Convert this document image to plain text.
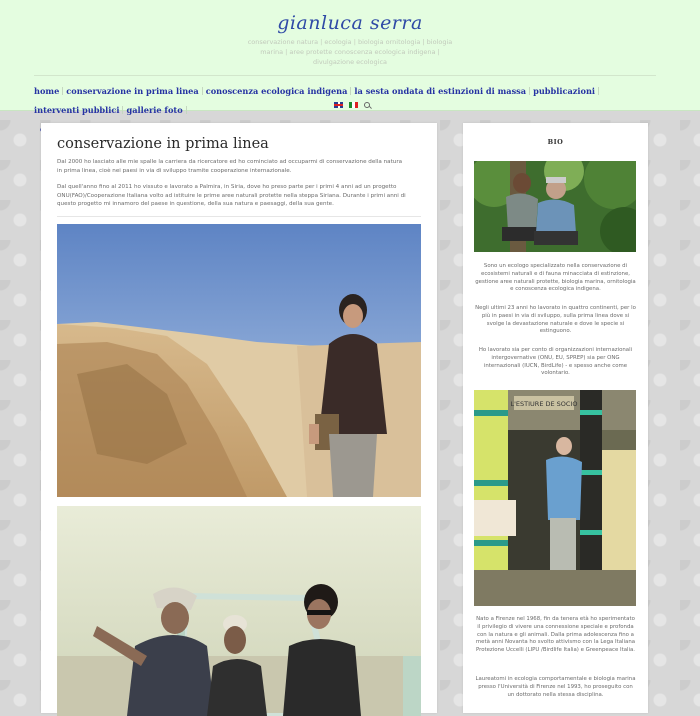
gianluca serra
conservazione natura | ecologia | biologia ornitologia | biologia marina | aree protette conoscenza ecologica indigena | divulgazione ecologica
home conservazione in prima linea conoscenza ecologica indigena la sesta ondata di estinzioni di massa pubblicazioniinterventi pubblici gallerie foto

conservazione in prima linea

Dal 2000 ho lasciato alle mie spalle la carriera da ricercatore ed ho cominciato ad occuparmi di conservazione della natura in prima linea, cioè nei paesi in via di sviluppo tramite cooperazione internazionale.

Dal quell'anno fino al 2011 ho vissuto e lavorato a Palmira, in Siria, dove ho preso parte per i primi 4 anni ad un progetto ONU(FAO)/Cooperazione Italiana volto ad istituire le prime aree naturali protette nella steppa Siriana. Durante i primi anni di questo progetto mi innamoro del paese in questione, della sua natura e paesaggi, della sua gente.

BIO

Sono un ecologo specializzato nella conservazione di ecosistemi naturali e di fauna minacciata di estinzione, gestione aree naturali protette, biologia marina, ornitologia e conoscenza ecologica indigena.

Negli ultimi 23 anni ho lavorato in quattro continenti, per lo più in paesi in via di sviluppo, sulla prima linea dove si svolge la devastazione naturale e dove le specie si estinguono.

Ho lavorato sia per conto di organizzazioni internazionali intergovernative (ONU, EU, SPREP) sia per ONG internazionali (IUCN, BirdLife) - e spesso anche come volontario.

L'ESTIURE DE SOCIO

Nato a Firenze nel 1968, fin da tenera età ho sperimentato il privilegio di vivere una connessione speciale e profonda con la natura e gli animali. Dalla prima adolescenza fino a metà anni Novanta ho svolto attivismo con la Lega Italiana Protezione Uccelli (LIPU /Birdlife Italia) e Greenpeace Italia.

Laureatomi in ecologia comportamentale e biologia marina presso l'Università di Firenze nel 1993, ho proseguito con un dottorato nella stessa disciplina.
